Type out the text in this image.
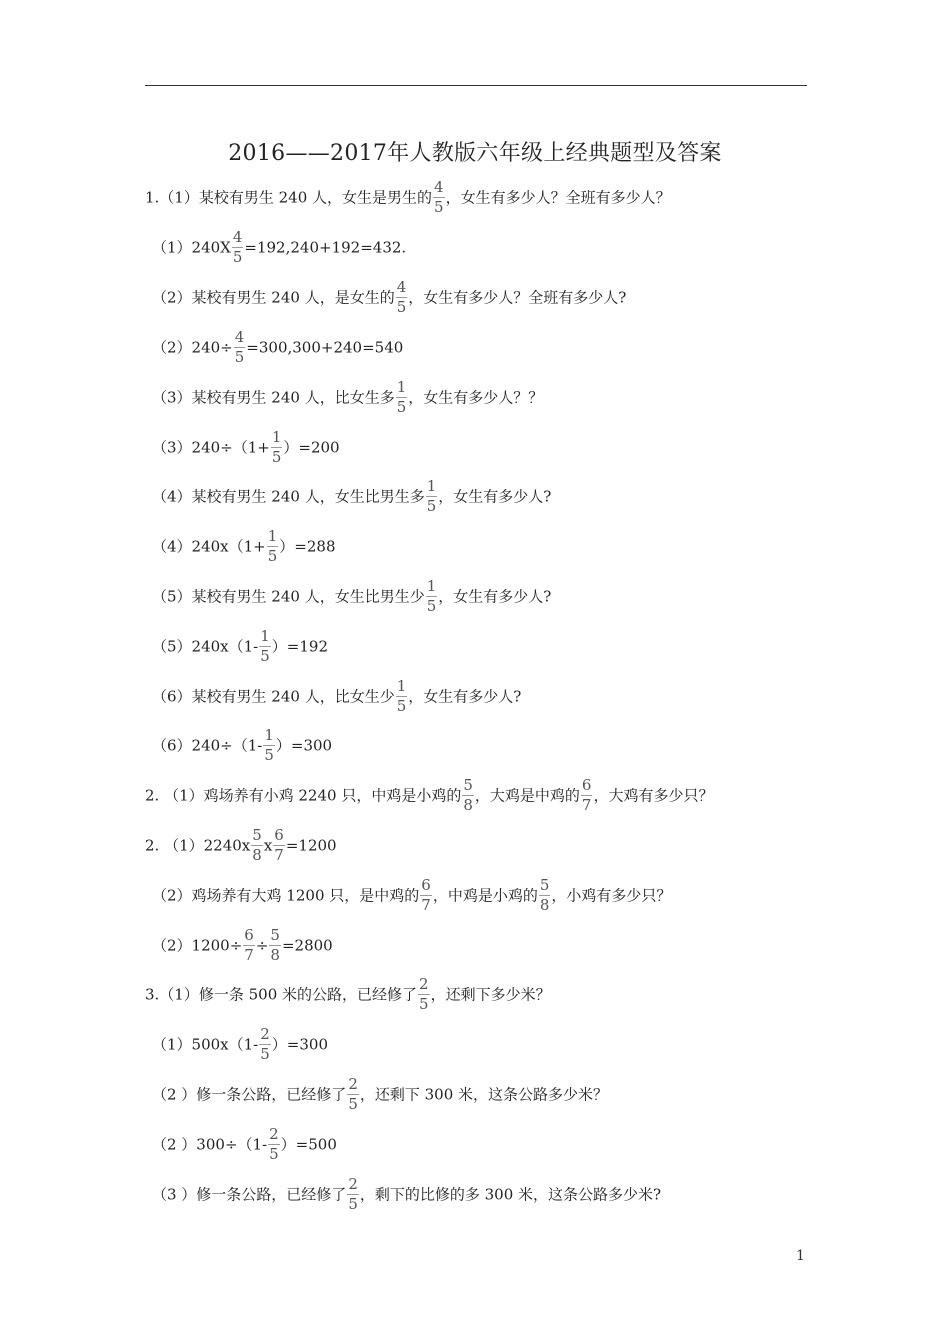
2016——2017年人教版六年级上经典题型及答案
1.（1）某校有男生 240 人，女生是男生的 $\frac{4}{5}$ ，女生有多少人？全班有多少人？
$(1)240X \frac{4}{5} =192,240+192=432$.
（2）某校有男生 240 人，是女生的 $\frac{4}{5}$ ，女生有多少人？全班有多少人?
$(2)240\div \frac{4}{5} =300,300+240=540$
（3）某校有男生 240 人，比女生多 $\frac{1}{5}$ ，女生有多少人？？
$(3)240\div(1+ \frac{1}{5} )=200$
（4）某校有男生 240 人，女生比男生多 $\frac{1}{5}$ ，女生有多少人?
$(4)240x(1+ \frac{1}{5} )=288$
（5）某校有男生 240 人，女生比男生少 $\frac{1}{5}$ ，女生有多少人?
$(5)240x(1- \frac{1}{5} )=192$
（6）某校有男生 240 人，比女生少 $\frac{1}{5}$ ，女生有多少人?
$(6)240\div(1- \frac{1}{5} )=300$
2. （1）鸡场养有小鸡 2240 只，中鸡是小鸡的 $\frac{5}{8}$ ，大鸡是中鸡的 $\frac{6}{7}$ ，大鸡有多少只？
2. $(1)2240x \frac{5}{8}$ x $\frac{6}{7} =1200$
（2）鸡场养有大鸡 1200 只，是中鸡的 $\frac{6}{7}$ ，中鸡是小鸡的 $\frac{5}{8}$ ，小鸡有多少只？
$(2)1200\div \frac{6}{7} \div \frac{5}{8} =2800$
3.（1）修一条 500 米的公路，已经修了 $\frac{2}{5}$ ，还剩下多少米？
$(1)500x(1- \frac{2}{5} )=300$
（2 ）修一条公路，已经修了 $\frac{2}{5}$ ，还剩下 300 米，这条公路多少米？
（2 ）$300\div(1- \frac{2}{5} )=500$
（3 ）修一条公路，已经修了 $\frac{2}{5}$ ，剩下的比修的多 300 米，这条公路多少米?
1
